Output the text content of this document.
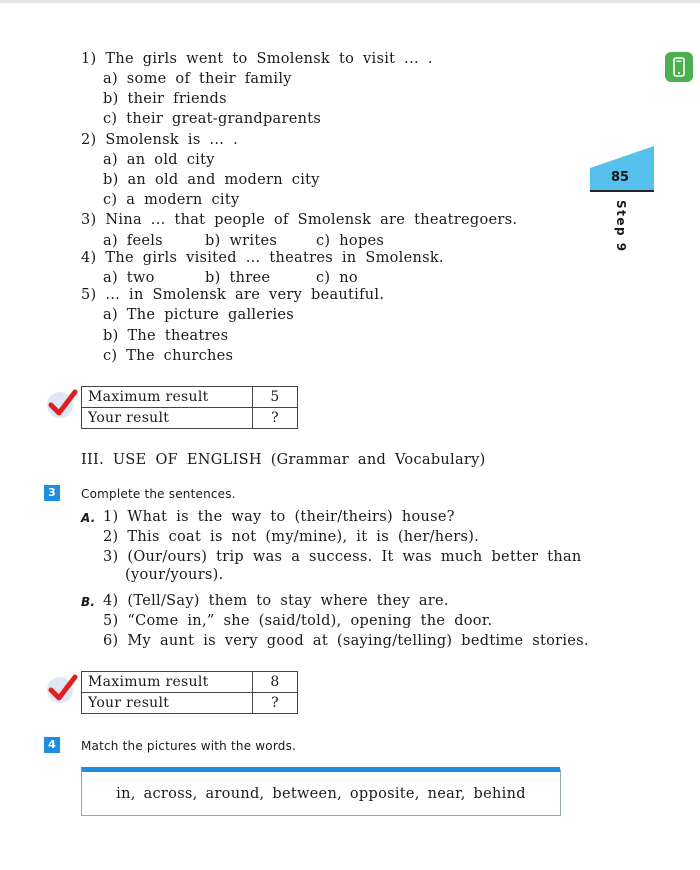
85
Step 9
1) The girls went to Smolensk to visit ... .
a) some of their family
b) their friends
c) their great-grandparents
2) Smolensk is ... .
a) an old city
b) an old and modern city
c) a modern city
3) Nina ... that people of Smolensk are theatregoers.
a) feels	b) writes	c) hopes
4) The girls visited ... theatres in Smolensk.
a) two	b) three	c) no
5) ... in Smolensk are very beautiful.
a) The picture galleries
b) The theatres
c) The churches
Maximum result	5
Your result	?
III. USE OF ENGLISH (Grammar and Vocabulary)
3	Complete the sentences.
A. 1) What is the way to (their/theirs) house?
2) This coat is not (my/mine), it is (her/hers).
3) (Our/ours) trip was a success. It was much better than
(your/yours).
B. 4) (Tell/Say) them to stay where they are.
5) “Come in,” she (said/told), opening the door.
6) My aunt is very good at (saying/telling) bedtime stories.
Maximum result	8
Your result	?
4	Match the pictures with the words.
in, across, around, between, opposite, near, behind
